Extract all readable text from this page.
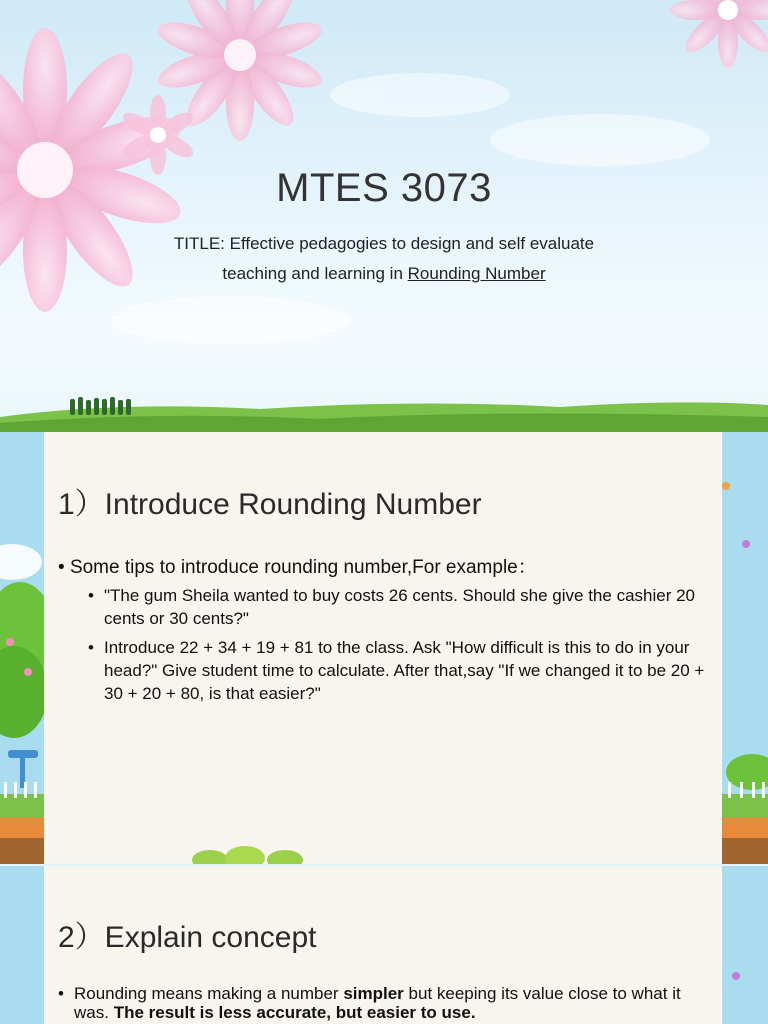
MTES 3073
TITLE: Effective pedagogies to design and self evaluate
teaching and learning in Rounding Number
1）Introduce Rounding Number
• Some tips to introduce rounding number,For example：
• "The gum Sheila wanted to buy costs 26 cents. Should she give the cashier 20 cents or 30 cents?"
• Introduce 22 + 34 + 19 + 81 to the class. Ask "How difficult is this to do in your head?" Give student time to calculate. After that,say "If we changed it to be 20 + 30 + 20 + 80, is that easier?"
2）Explain concept
• Rounding means making a number simpler but keeping its value close to what it was. The result is less accurate, but easier to use.
